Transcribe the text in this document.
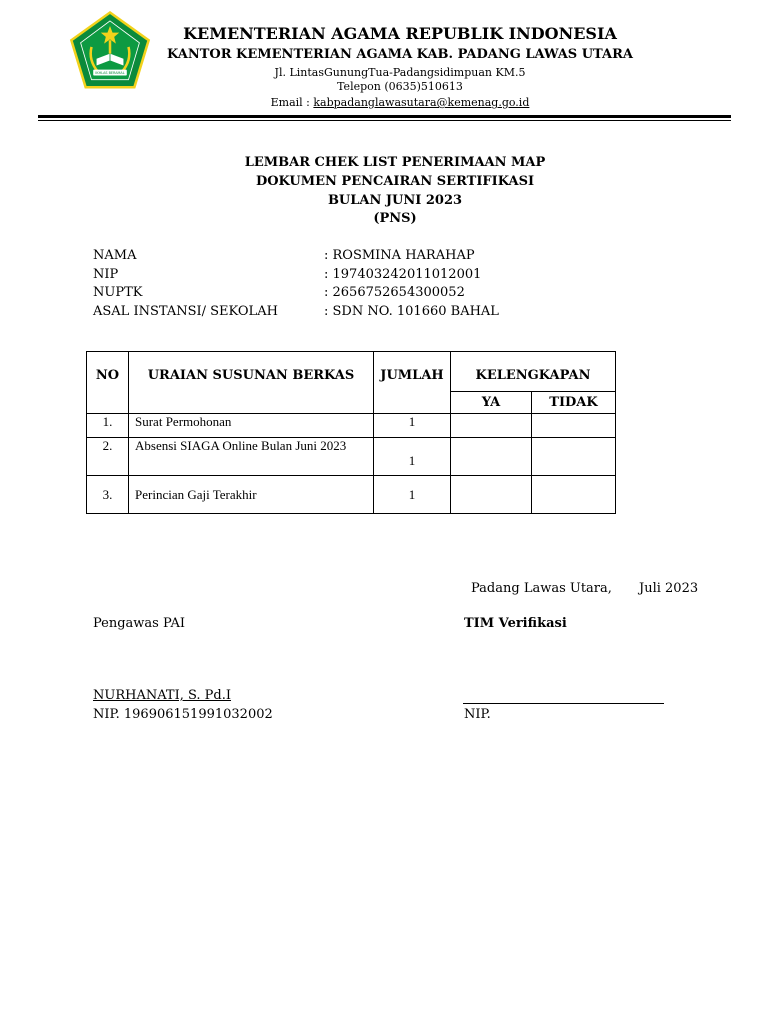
IKHLAS BERAMAL
KEMENTERIAN AGAMA REPUBLIK INDONESIA
KANTOR KEMENTERIAN AGAMA KAB. PADANG LAWAS UTARA
Jl. LintasGunungTua-Padangsidimpuan KM.5
Telepon (0635)510613
Email : kabpadanglawasutara@kemenag.go.id
LEMBAR CHEK LIST PENERIMAAN MAP
DOKUMEN PENCAIRAN SERTIFIKASI
BULAN JUNI 2023
(PNS)
NAMA	: ROSMINA HARAHAP
NIP	: 197403242011012001
NUPTK	: 2656752654300052
ASAL INSTANSI/ SEKOLAH	: SDN NO. 101660 BAHAL
NO	URAIAN SUSUNAN BERKAS	JUMLAH	KELENGKAPAN	
			YA	TIDAK
1.	Surat Permohonan	1		
2.	Absensi SIAGA Online Bulan Juni 2023	1		
3.	Perincian Gaji Terakhir	1		
Padang Lawas Utara, Juli 2023
Pengawas PAI	TIM Verifikasi
NURHANATI, S. Pd.I
NIP. 196906151991032002	NIP.
